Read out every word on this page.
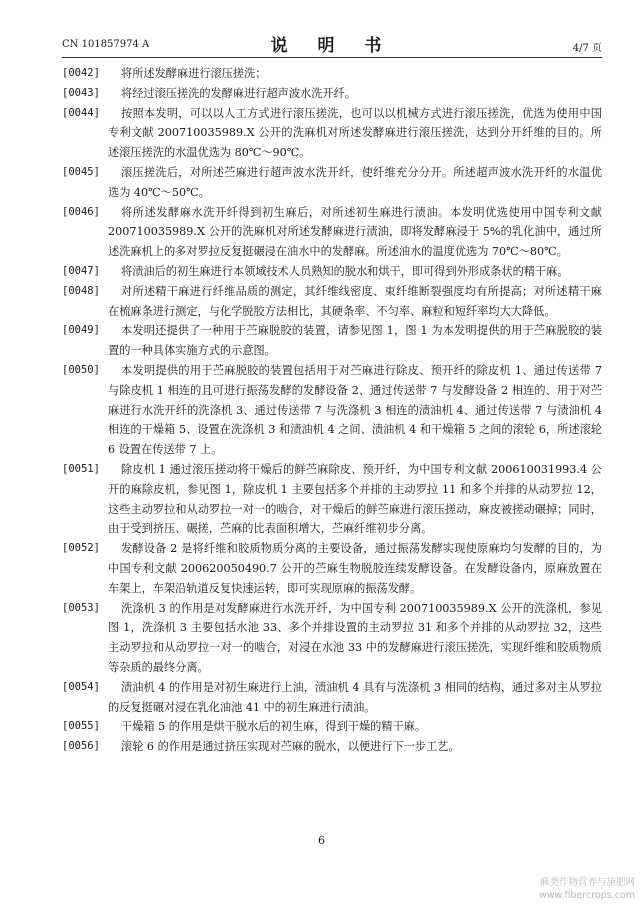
CN 101857974 A	说 明 书	4/7 页
[0042]	将所述发酵麻进行滚压搓洗；
[0043]	将经过滚压搓洗的发酵麻进行超声波水洗开纤。
[0044]	按照本发明，可以以人工方式进行滚压搓洗，也可以以机械方式进行滚压搓洗，优选为使用中国专利文献 200710035989.X 公开的洗麻机对所述发酵麻进行滚压搓洗，达到分开纤维的目的。所述滚压搓洗的水温优选为 80℃～90℃。
[0045]	滚压搓洗后，对所述苎麻进行超声波水洗开纤，使纤维充分分开。所述超声波水洗开纤的水温优选为 40℃～50℃。
[0046]	将所述发酵麻水洗开纤得到初生麻后，对所述初生麻进行渍油。本发明优选使用中国专利文献 200710035989.X 公开的洗麻机对所述发酵麻进行渍油，即将发酵麻浸于 5%的乳化油中，通过所述洗麻机上的多对罗拉反复挺碾浸在油水中的发酵麻。所述油水的温度优选为 70℃～80℃。
[0047]	将渍油后的初生麻进行本领域技术人员熟知的脱水和烘干，即可得到外形成条状的精干麻。
[0048]	对所述精干麻进行纤维品质的测定，其纤维线密度、束纤维断裂强度均有所提高；对所述精干麻在梳麻条进行测定，与化学脱胶方法相比，其硬条率、不匀率、麻粒和短纤率均大大降低。
[0049]	本发明还提供了一种用于苎麻脱胶的装置，请参见图 1，图 1 为本发明提供的用于苎麻脱胶的装置的一种具体实施方式的示意图。
[0050]	本发明提供的用于苎麻脱胶的装置包括用于对苎麻进行除皮、预开纤的除皮机 1、通过传送带 7 与除皮机 1 相连的且可进行振荡发酵的发酵设备 2、通过传送带 7 与发酵设备 2 相连的、用于对苎麻进行水洗开纤的洗涤机 3、通过传送带 7 与洗涤机 3 相连的渍油机 4、通过传送带 7 与渍油机 4 相连的干燥箱 5、设置在洗涤机 3 和渍油机 4 之间、渍油机 4 和干燥箱 5 之间的滚轮 6，所述滚轮 6 设置在传送带 7 上。
[0051]	除皮机 1 通过滚压搓动将干燥后的鲜苎麻除皮、预开纤，为中国专利文献 200610031993.4 公开的麻除皮机，参见图 1，除皮机 1 主要包括多个并排的主动罗拉 11 和多个并排的从动罗拉 12，这些主动罗拉和从动罗拉一对一的啮合，对干燥后的鲜苎麻进行滚压搓动，麻皮被搓动碾掉；同时，由于受到挤压、碾搓，苎麻的比表面积增大，苎麻纤维初步分离。
[0052]	发酵设备 2 是将纤维和胶质物质分离的主要设备，通过振荡发酵实现使原麻均匀发酵的目的，为中国专利文献 200620050490.7 公开的苎麻生物脱胶连续发酵设备。在发酵设备内，原麻放置在车架上，车架沿轨道反复快速运转，即可实现原麻的振荡发酵。
[0053]	洗涤机 3 的作用是对发酵麻进行水洗开纤，为中国专利 200710035989.X 公开的洗涤机，参见图 1，洗涤机 3 主要包括水池 33、多个并排设置的主动罗拉 31 和多个并排的从动罗拉 32，这些主动罗拉和从动罗拉一对一的啮合，对浸在水池 33 中的发酵麻进行滚压搓洗，实现纤维和胶质物质等杂质的最终分离。
[0054]	渍油机 4 的作用是对初生麻进行上油，渍油机 4 具有与洗涤机 3 相同的结构，通过多对主从罗拉的反复挺碾对浸在乳化油池 41 中的初生麻进行渍油。
[0055]	干燥箱 5 的作用是烘干脱水后的初生麻，得到干燥的精干麻。
[0056]	滚轮 6 的作用是通过挤压实现对苎麻的脱水，以便进行下一步工艺。
6
麻类作物营养与施肥网
www.fibercrops.com
